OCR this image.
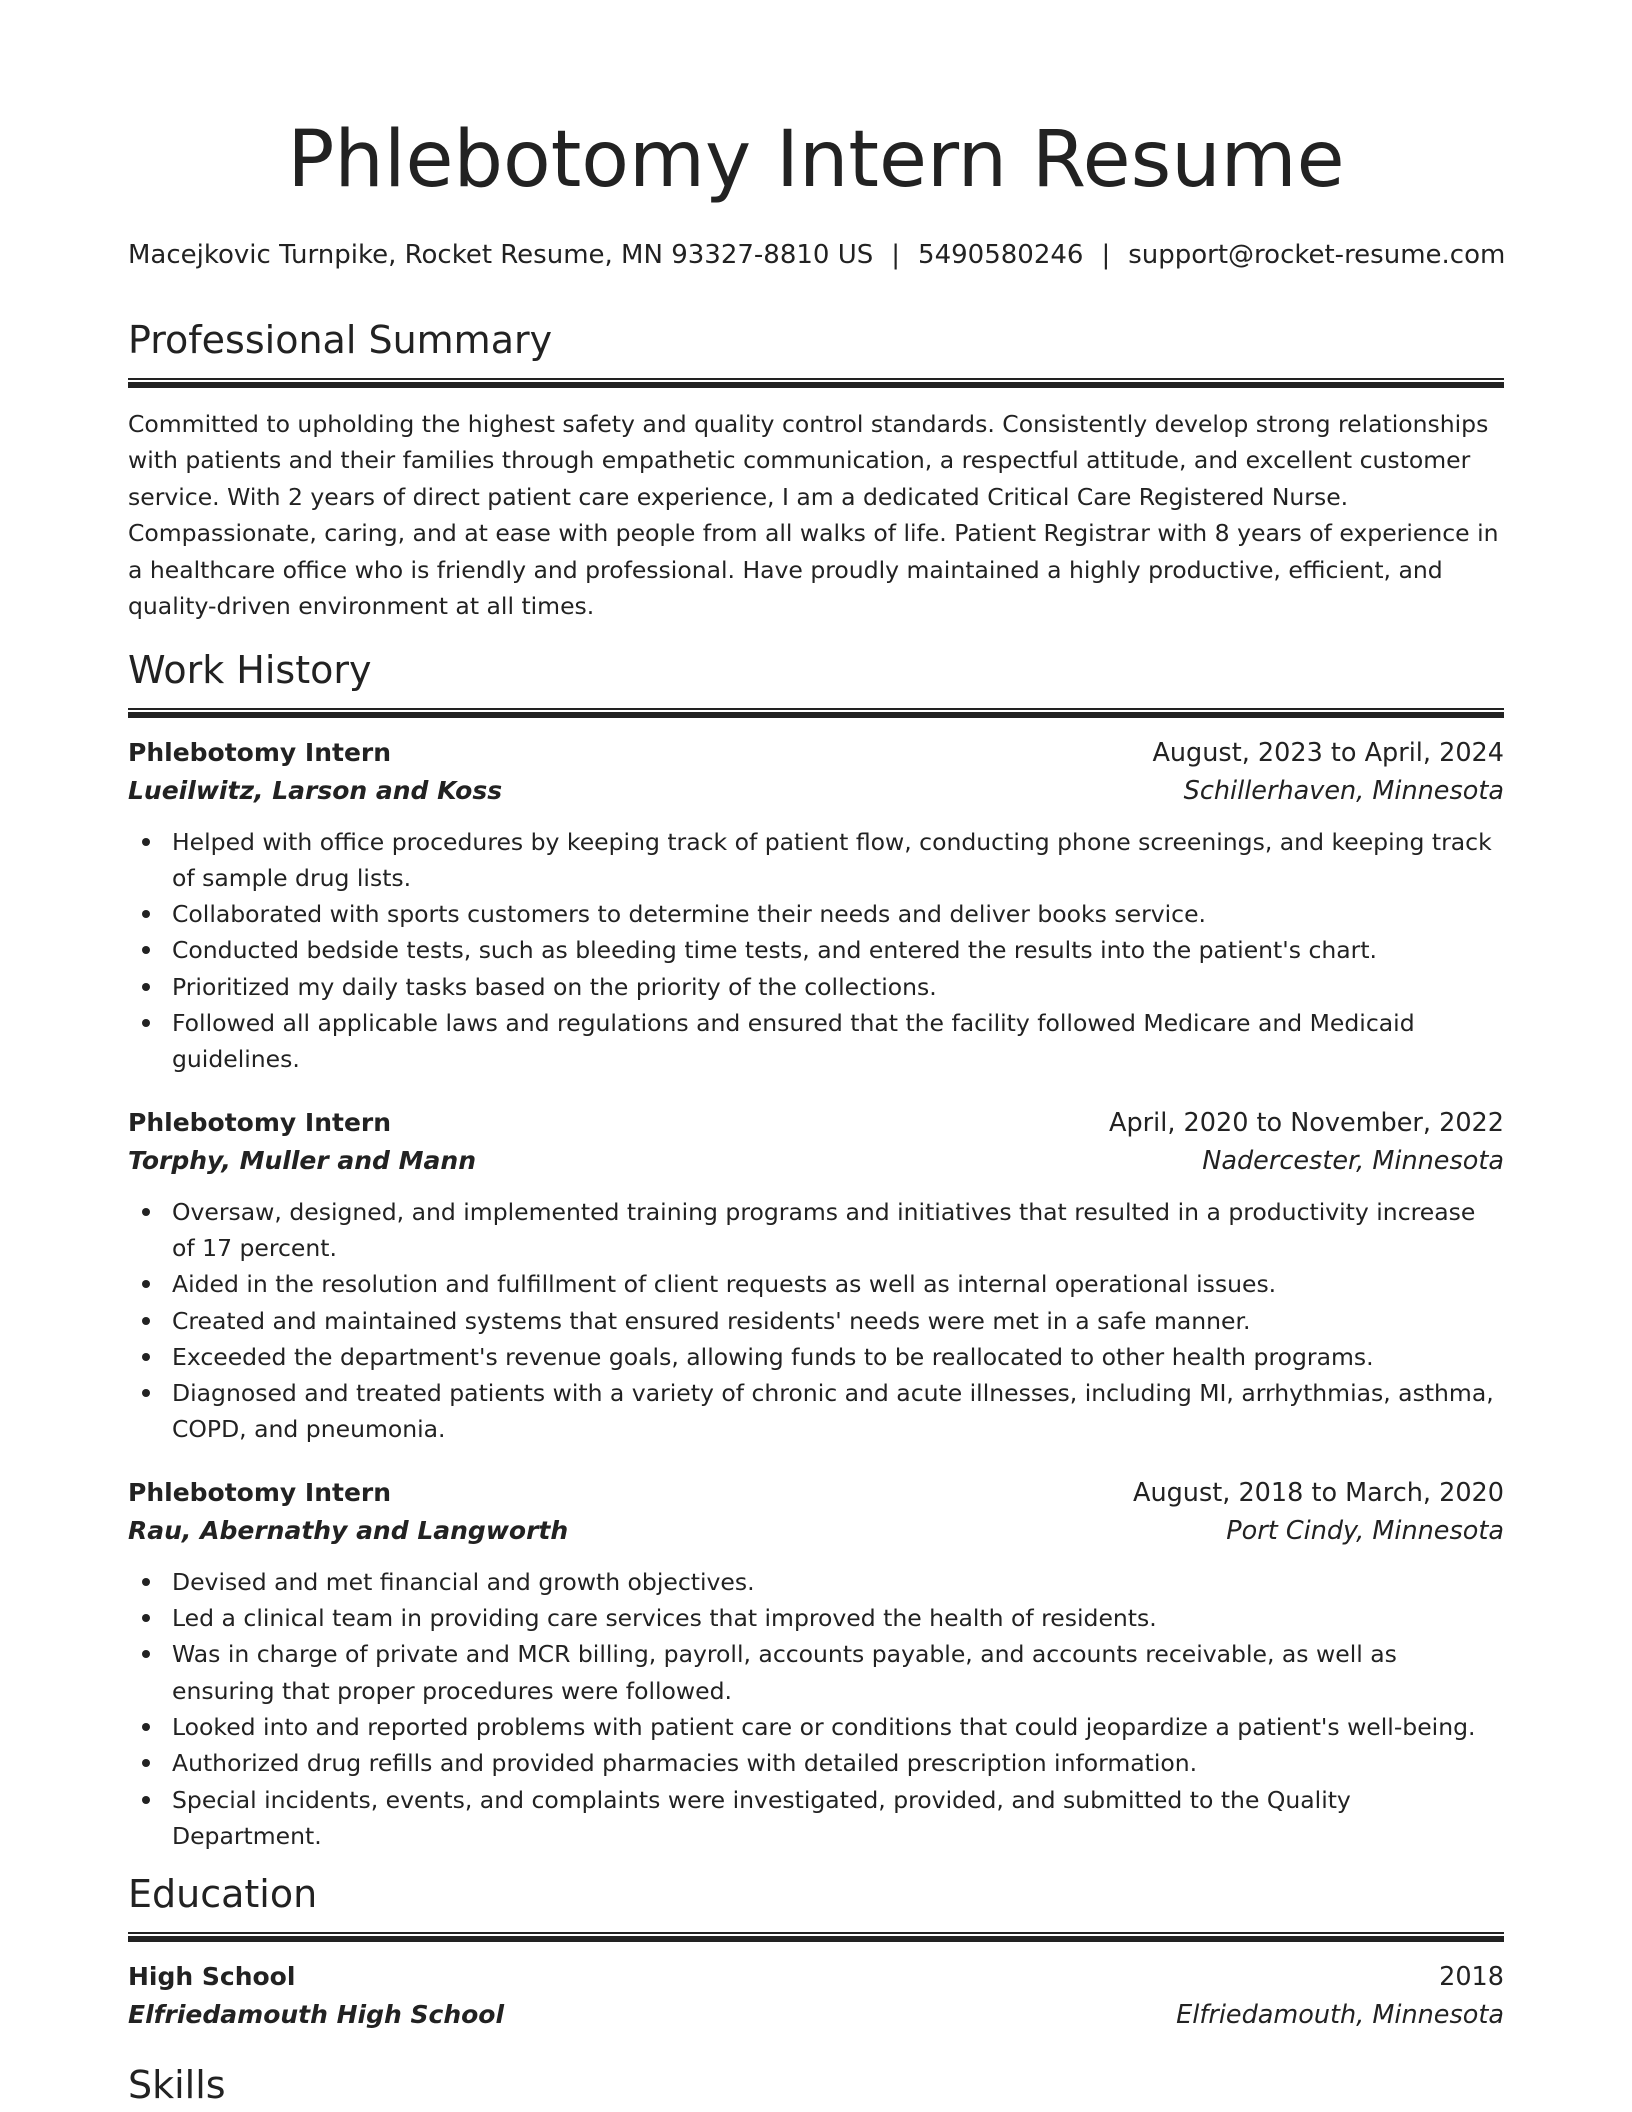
Phlebotomy Intern Resume
Macejkovic Turnpike, Rocket Resume, MN 93327-8810 US | 5490580246 | support@rocket-resume.com
Professional Summary

Committed to upholding the highest safety and quality control standards. Consistently develop strong relationships with patients and their families through empathetic communication, a respectful attitude, and excellent customer service. With 2 years of direct patient care experience, I am a dedicated Critical Care Registered Nurse. Compassionate, caring, and at ease with people from all walks of life. Patient Registrar with 8 years of experience in a healthcare office who is friendly and professional. Have proudly maintained a highly productive, efficient, and quality-driven environment at all times.

Work History
Phlebotomy Intern	August, 2023 to April, 2024
Lueilwitz, Larson and Koss	Schillerhaven, Minnesota
Helped with office procedures by keeping track of patient flow, conducting phone screenings, and keeping track of sample drug lists.
Collaborated with sports customers to determine their needs and deliver books service.
Conducted bedside tests, such as bleeding time tests, and entered the results into the patient's chart.
Prioritized my daily tasks based on the priority of the collections.
Followed all applicable laws and regulations and ensured that the facility followed Medicare and Medicaid guidelines.
Phlebotomy Intern	April, 2020 to November, 2022
Torphy, Muller and Mann	Nadercester, Minnesota
Oversaw, designed, and implemented training programs and initiatives that resulted in a productivity increase of 17 percent.
Aided in the resolution and fulfillment of client requests as well as internal operational issues.
Created and maintained systems that ensured residents' needs were met in a safe manner.
Exceeded the department's revenue goals, allowing funds to be reallocated to other health programs.
Diagnosed and treated patients with a variety of chronic and acute illnesses, including MI, arrhythmias, asthma, COPD, and pneumonia.
Phlebotomy Intern	August, 2018 to March, 2020
Rau, Abernathy and Langworth	Port Cindy, Minnesota
Devised and met financial and growth objectives.
Led a clinical team in providing care services that improved the health of residents.
Was in charge of private and MCR billing, payroll, accounts payable, and accounts receivable, as well as ensuring that proper procedures were followed.
Looked into and reported problems with patient care or conditions that could jeopardize a patient's well-being.
Authorized drug refills and provided pharmacies with detailed prescription information.
Special incidents, events, and complaints were investigated, provided, and submitted to the Quality Department.
Education
High School	2018
Elfriedamouth High School	Elfriedamouth, Minnesota
Skills
